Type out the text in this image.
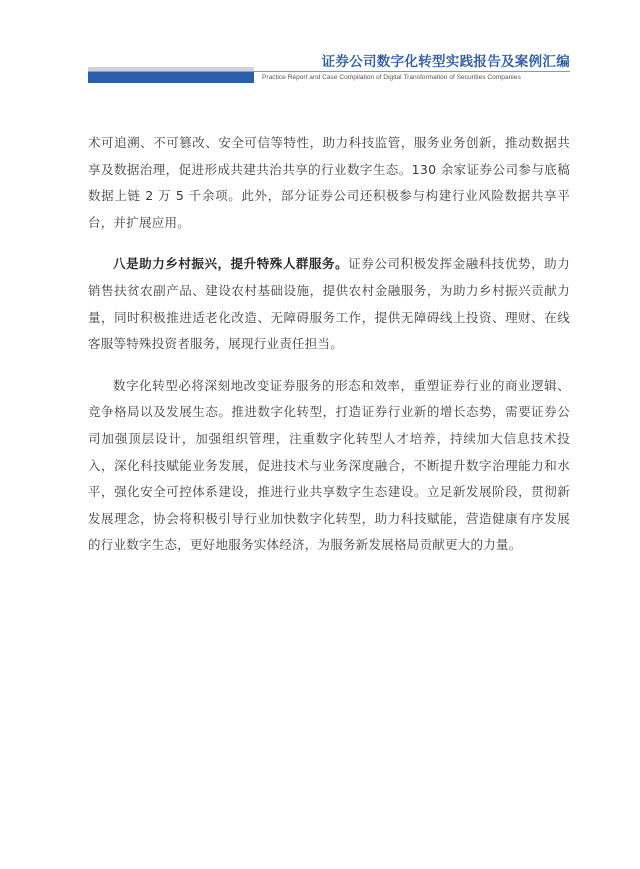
证券公司数字化转型实践报告及案例汇编
Practice Report and Case Compilation of Digital Transformation of Securities Companies

术可追溯、不可篡改、安全可信等特性，助力科技监管，服务业务创新，推动数据共享及数据治理，促进形成共建共治共享的行业数字生态。130 余家证券公司参与底稿数据上链 2 万 5 千余项。此外，部分证券公司还积极参与构建行业风险数据共享平台，并扩展应用。

八是助力乡村振兴，提升特殊人群服务。证券公司积极发挥金融科技优势，助力销售扶贫农副产品、建设农村基础设施，提供农村金融服务，为助力乡村振兴贡献力量，同时积极推进适老化改造、无障碍服务工作，提供无障碍线上投资、理财、在线客服等特殊投资者服务，展现行业责任担当。

数字化转型必将深刻地改变证券服务的形态和效率，重塑证券行业的商业逻辑、竞争格局以及发展生态。推进数字化转型，打造证券行业新的增长态势，需要证券公司加强顶层设计，加强组织管理，注重数字化转型人才培养，持续加大信息技术投入，深化科技赋能业务发展，促进技术与业务深度融合，不断提升数字治理能力和水平，强化安全可控体系建设，推进行业共享数字生态建设。立足新发展阶段，贯彻新发展理念，协会将积极引导行业加快数字化转型，助力科技赋能，营造健康有序发展的行业数字生态，更好地服务实体经济，为服务新发展格局贡献更大的力量。
